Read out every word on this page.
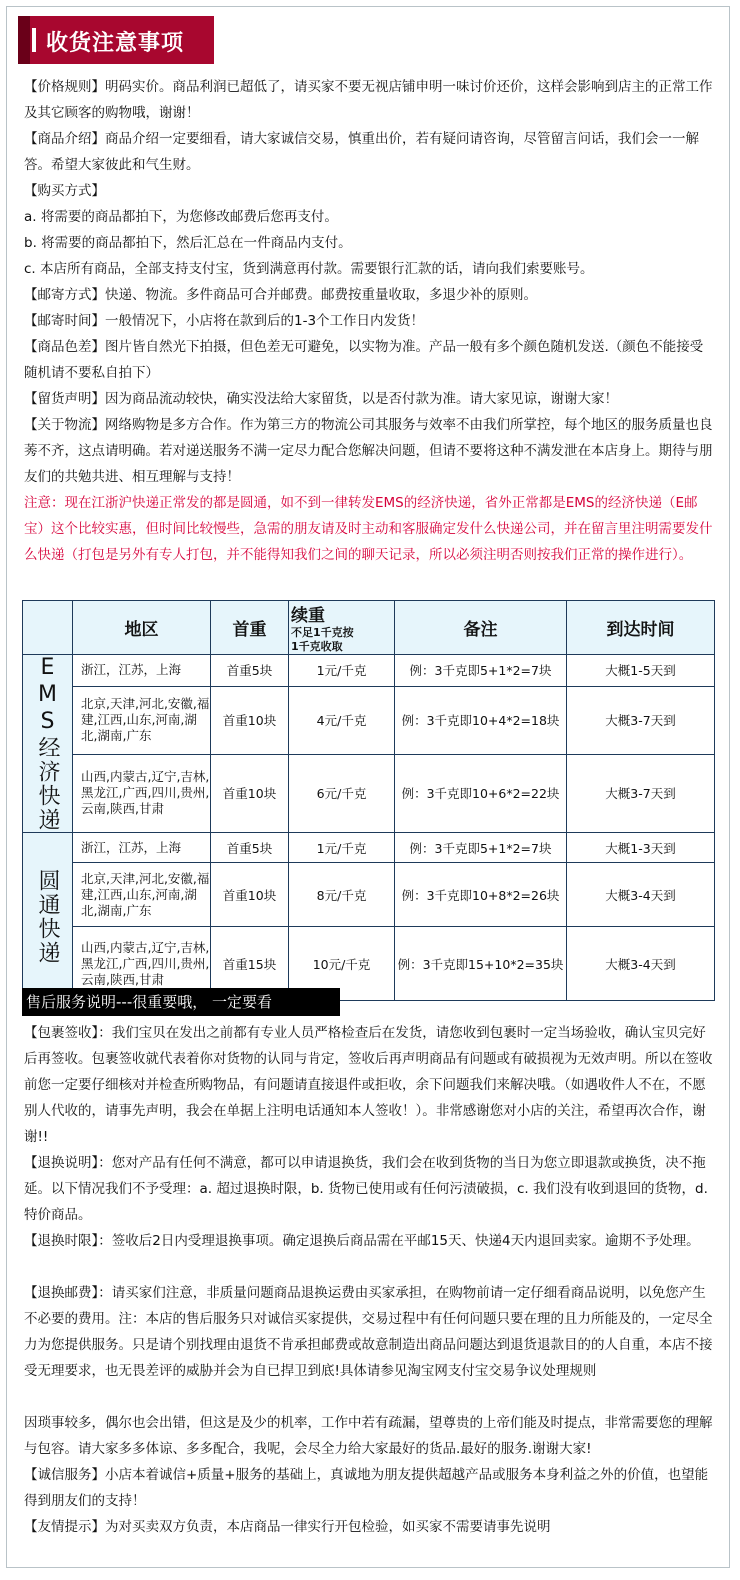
收货注意事项
【价格规则】明码实价。商品利润已超低了，请买家不要无视店铺申明一味讨价还价，这样会影响到店主的正常工作及其它顾客的购物哦，谢谢！
【商品介绍】商品介绍一定要细看，请大家诚信交易，慎重出价，若有疑问请咨询，尽管留言问话，我们会一一解答。希望大家彼此和气生财。
【购买方式】
a. 将需要的商品都拍下，为您修改邮费后您再支付。
b. 将需要的商品都拍下，然后汇总在一件商品内支付。
c. 本店所有商品，全部支持支付宝，货到满意再付款。需要银行汇款的话，请向我们索要账号。
【邮寄方式】快递、物流。多件商品可合并邮费。邮费按重量收取，多退少补的原则。
【邮寄时间】一般情况下，小店将在款到后的1-3个工作日内发货！
【商品色差】图片皆自然光下拍摄，但色差无可避免，以实物为准。产品一般有多个颜色随机发送.（颜色不能接受随机请不要私自拍下）
【留货声明】因为商品流动较快，确实没法给大家留货，以是否付款为准。请大家见谅，谢谢大家！
【关于物流】网络购物是多方合作。作为第三方的物流公司其服务与效率不由我们所掌控，每个地区的服务质量也良莠不齐，这点请明确。若对递送服务不满一定尽力配合您解决问题，但请不要将这种不满发泄在本店身上。期待与朋友们的共勉共进、相互理解与支持！
注意：现在江浙沪快递正常发的都是圆通，如不到一律转发EMS的经济快递，省外正常都是EMS的经济快递（E邮宝）这个比较实惠，但时间比较慢些，急需的朋友请及时主动和客服确定发什么快递公司，并在留言里注明需要发什么快递（打包是另外有专人打包，并不能得知我们之间的聊天记录，所以必须注明否则按我们正常的操作进行）。
	地区	首重	续重不足1千克按1千克收取	备注	到达时间
EMS经济快递	浙江，江苏，上海	首重5块	1元/千克	例：3千克即5+1*2=7块	大概1-5天到
	北京,天津,河北,安徽,福建,江西,山东,河南,湖北,湖南,广东	首重10块	4元/千克	例：3千克即10+4*2=18块	大概3-7天到
	山西,内蒙古,辽宁,吉林,黑龙江,广西,四川,贵州,云南,陕西,甘肃	首重10块	6元/千克	例：3千克即10+6*2=22块	大概3-7天到
圆通快递	浙江，江苏，上海	首重5块	1元/千克	例：3千克即5+1*2=7块	大概1-3天到
	北京,天津,河北,安徽,福建,江西,山东,河南,湖北,湖南,广东	首重10块	8元/千克	例：3千克即10+8*2=26块	大概3-4天到
	山西,内蒙古,辽宁,吉林,黑龙江,广西,四川,贵州,云南,陕西,甘肃	首重15块	10元/千克	例：3千克即15+10*2=35块	大概3-4天到
售后服务说明---很重要哦， 一定要看
【包裹签收】：我们宝贝在发出之前都有专业人员严格检查后在发货，请您收到包裹时一定当场验收，确认宝贝完好后再签收。包裹签收就代表着你对货物的认同与肯定，签收后再声明商品有问题或有破损视为无效声明。所以在签收前您一定要仔细核对并检查所购物品，有问题请直接退件或拒收，余下问题我们来解决哦。（如遇收件人不在，不愿别人代收的，请事先声明，我会在单据上注明电话通知本人签收！）。非常感谢您对小店的关注，希望再次合作，谢谢!!
【退换说明】：您对产品有任何不满意，都可以申请退换货，我们会在收到货物的当日为您立即退款或换货，决不拖延。以下情况我们不予受理：a. 超过退换时限，b. 货物已使用或有任何污渍破损，c. 我们没有收到退回的货物，d. 特价商品。
【退换时限】：签收后2日内受理退换事项。确定退换后商品需在平邮15天、快递4天内退回卖家。逾期不予处理。
【退换邮费】：请买家们注意，非质量问题商品退换运费由买家承担，在购物前请一定仔细看商品说明，以免您产生不必要的费用。注：本店的售后服务只对诚信买家提供，交易过程中有任何问题只要在理的且力所能及的，一定尽全力为您提供服务。只是请个别找理由退货不肯承担邮费或故意制造出商品问题达到退货退款目的的人自重，本店不接受无理要求，也无畏差评的威胁并会为自已捍卫到底!具体请参见淘宝网支付宝交易争议处理规则
因琐事较多，偶尔也会出错，但这是及少的机率，工作中若有疏漏，望尊贵的上帝们能及时提点，非常需要您的理解与包容。请大家多多体谅、多多配合，我呢，会尽全力给大家最好的货品.最好的服务.谢谢大家!
【诚信服务】小店本着诚信+质量+服务的基础上，真诚地为朋友提供超越产品或服务本身利益之外的价值，也望能得到朋友们的支持！
【友情提示】为对买卖双方负责，本店商品一律实行开包检验，如买家不需要请事先说明
